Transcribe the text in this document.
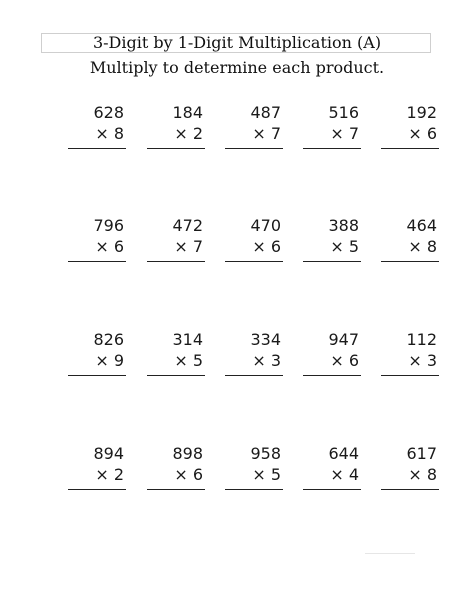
3-Digit by 1-Digit Multiplication (A)
Multiply to determine each product.
628
× 8
184
× 2
487
× 7
516
× 7
192
× 6
796
× 6
472
× 7
470
× 6
388
× 5
464
× 8
826
× 9
314
× 5
334
× 3
947
× 6
112
× 3
894
× 2
898
× 6
958
× 5
644
× 4
617
× 8
